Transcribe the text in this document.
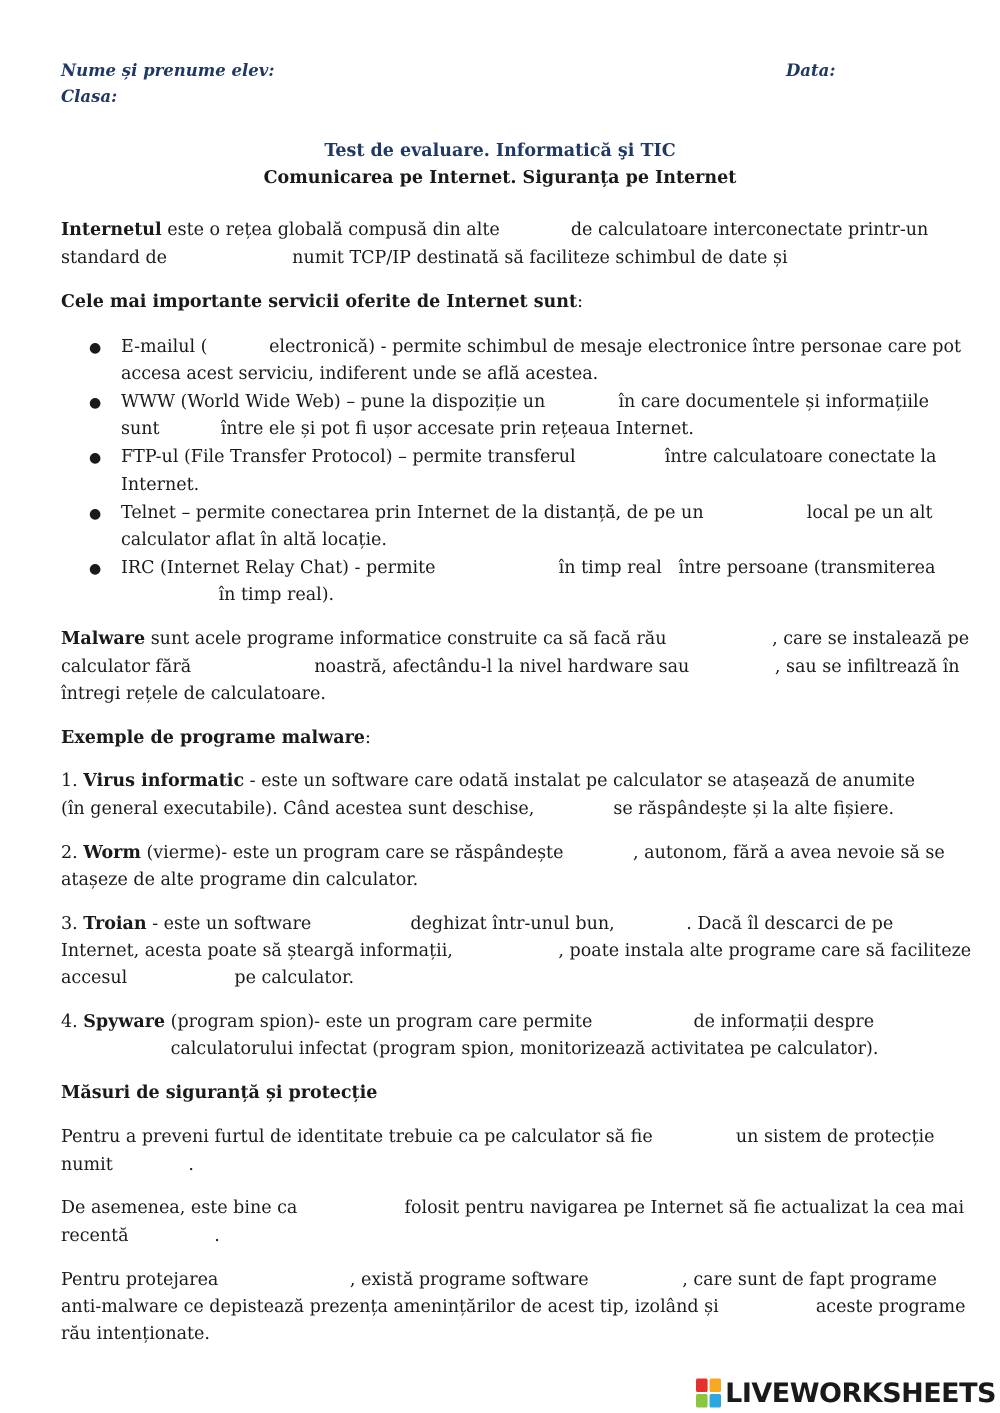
Nume și prenume elev:	Data:
Clasa:
Test de evaluare. Informatică şi TIC
Comunicarea pe Internet. Siguranța pe Internet
Internetul este o rețea globală compusă din alte	de calculatoare interconectate printr-un
standard de	numit TCP/IP destinată să faciliteze schimbul de date și
Cele mai importante servicii oferite de Internet sunt:
● E-mailul (	electronică) - permite schimbul de mesaje electronice între personae care pot
accesa acest serviciu, indiferent unde se află acestea.
● WWW (World Wide Web) – pune la dispoziție un	în care documentele și informațiile
sunt	între ele și pot fi ușor accesate prin rețeaua Internet.
● FTP-ul (File Transfer Protocol) – permite transferul	între calculatoare conectate la
Internet.
● Telnet – permite conectarea prin Internet de la distanță, de pe un	local pe un alt
calculator aflat în altă locație.
● IRC (Internet Relay Chat) - permite	în timp real   între persoane (transmiterea
în timp real).
Malware sunt acele programe informatice construite ca să facă rău	, care se instalează pe
calculator fără	noastră, afectându-l la nivel hardware sau	, sau se infiltrează în
întregi rețele de calculatoare.
Exemple de programe malware:
1. Virus informatic - este un software care odată instalat pe calculator se atașează de anumite
(în general executabile). Când acestea sunt deschise,	se răspândește și la alte fișiere.
2. Worm (vierme)- este un program care se răspândește	, autonom, fără a avea nevoie să se
atașeze de alte programe din calculator.
3. Troian - este un software	deghizat într-unul bun,	. Dacă îl descarci de pe
Internet, acesta poate să șteargă informații,	, poate instala alte programe care să faciliteze
accesul	pe calculator.
4. Spyware (program spion)- este un program care permite	de informații despre
calculatorului infectat (program spion, monitorizează activitatea pe calculator).
Măsuri de siguranță și protecție
Pentru a preveni furtul de identitate trebuie ca pe calculator să fie	un sistem de protecție
numit	.
De asemenea, este bine ca	folosit pentru navigarea pe Internet să fie actualizat la cea mai
recentă	.
Pentru protejarea	, există programe software	, care sunt de fapt programe
anti-malware ce depistează prezența amenințărilor de acest tip, izolând și	aceste programe
rău intenționate.
LIVEWORKSHEETS
